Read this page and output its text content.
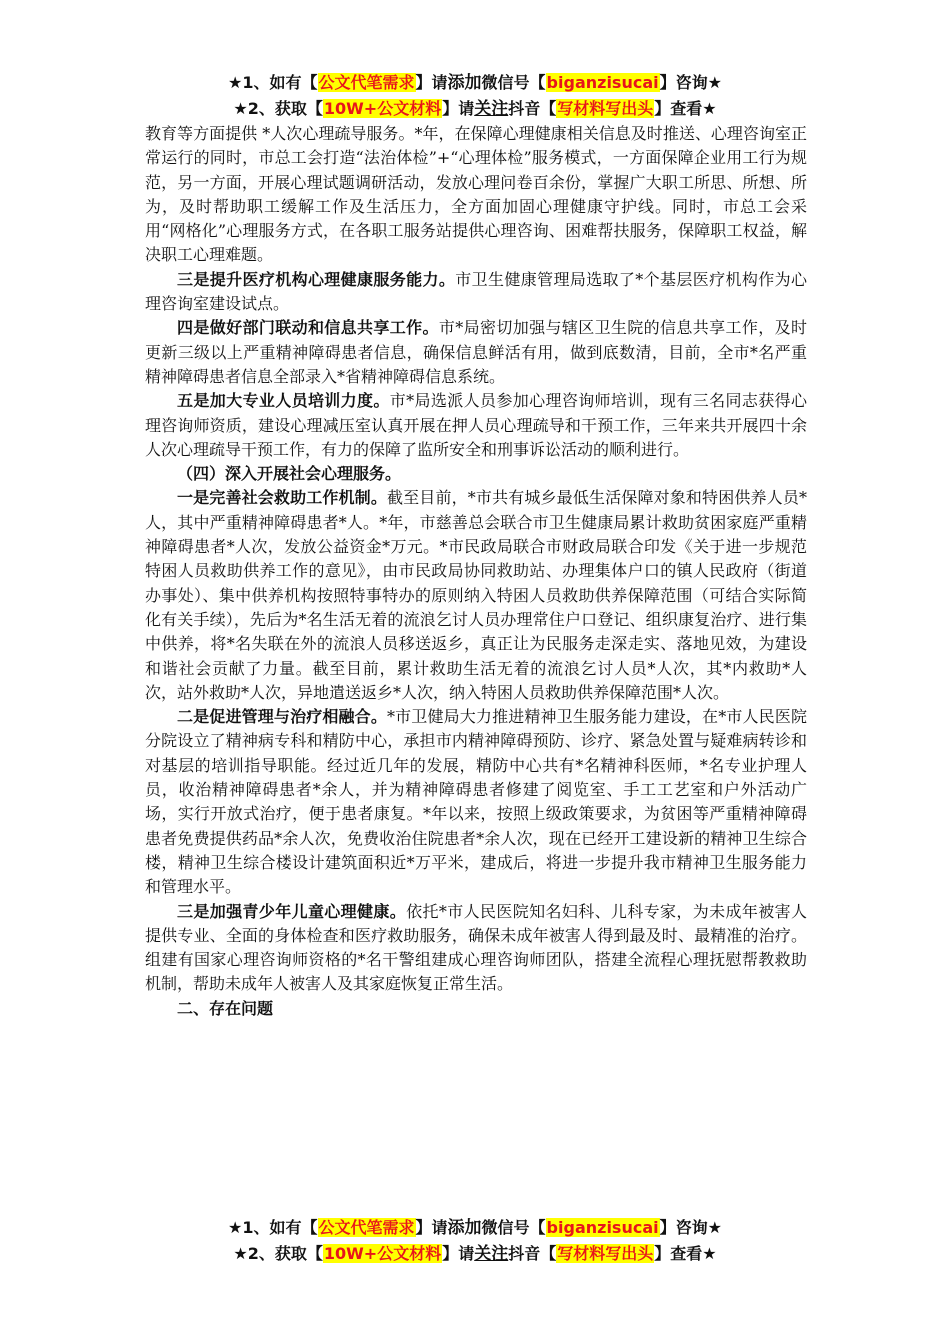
★1、如有【公文代笔需求】请添加微信号【biganzisucai】咨询★
★2、获取【10W+公文材料】请关注抖音【写材料写出头】查看★

教育等方面提供 *人次心理疏导服务。*年，在保障心理健康相关信息及时推送、心理咨询室正常运行的同时，市总工会打造“法治体检”+“心理体检”服务模式，一方面保障企业用工行为规范，另一方面，开展心理试题调研活动，发放心理问卷百余份，掌握广大职工所思、所想、所为，及时帮助职工缓解工作及生活压力，全方面加固心理健康守护线。同时，市总工会采用“网格化”心理服务方式，在各职工服务站提供心理咨询、困难帮扶服务，保障职工权益，解决职工心理难题。

三是提升医疗机构心理健康服务能力。市卫生健康管理局选取了*个基层医疗机构作为心理咨询室建设试点。

四是做好部门联动和信息共享工作。市*局密切加强与辖区卫生院的信息共享工作，及时更新三级以上严重精神障碍患者信息，确保信息鲜活有用，做到底数清，目前，全市*名严重精神障碍患者信息全部录入*省精神障碍信息系统。

五是加大专业人员培训力度。市*局选派人员参加心理咨询师培训，现有三名同志获得心理咨询师资质，建设心理减压室认真开展在押人员心理疏导和干预工作，三年来共开展四十余人次心理疏导干预工作，有力的保障了监所安全和刑事诉讼活动的顺利进行。

（四）深入开展社会心理服务。

一是完善社会救助工作机制。截至目前，*市共有城乡最低生活保障对象和特困供养人员*人，其中严重精神障碍患者*人。*年，市慈善总会联合市卫生健康局累计救助贫困家庭严重精神障碍患者*人次，发放公益资金*万元。*市民政局联合市财政局联合印发《关于进一步规范特困人员救助供养工作的意见》，由市民政局协同救助站、办理集体户口的镇人民政府（街道办事处）、集中供养机构按照特事特办的原则纳入特困人员救助供养保障范围（可结合实际简化有关手续），先后为*名生活无着的流浪乞讨人员办理常住户口登记、组织康复治疗、进行集中供养，将*名失联在外的流浪人员移送返乡，真正让为民服务走深走实、落地见效，为建设和谐社会贡献了力量。截至目前，累计救助生活无着的流浪乞讨人员*人次，其*内救助*人次，站外救助*人次，异地遣送返乡*人次，纳入特困人员救助供养保障范围*人次。

二是促进管理与治疗相融合。*市卫健局大力推进精神卫生服务能力建设，在*市人民医院分院设立了精神病专科和精防中心，承担市内精神障碍预防、诊疗、紧急处置与疑难病转诊和对基层的培训指导职能。经过近几年的发展，精防中心共有*名精神科医师，*名专业护理人员，收治精神障碍患者*余人，并为精神障碍患者修建了阅览室、手工工艺室和户外活动广场，实行开放式治疗，便于患者康复。*年以来，按照上级政策要求，为贫困等严重精神障碍患者免费提供药品*余人次，免费收治住院患者*余人次，现在已经开工建设新的精神卫生综合楼，精神卫生综合楼设计建筑面积近*万平米，建成后，将进一步提升我市精神卫生服务能力和管理水平。

三是加强青少年儿童心理健康。依托*市人民医院知名妇科、儿科专家，为未成年被害人提供专业、全面的身体检查和医疗救助服务，确保未成年被害人得到最及时、最精准的治疗。组建有国家心理咨询师资格的*名干警组建成心理咨询师团队，搭建全流程心理抚慰帮教救助机制，帮助未成年人被害人及其家庭恢复正常生活。

二、存在问题

★1、如有【公文代笔需求】请添加微信号【biganzisucai】咨询★
★2、获取【10W+公文材料】请关注抖音【写材料写出头】查看★
